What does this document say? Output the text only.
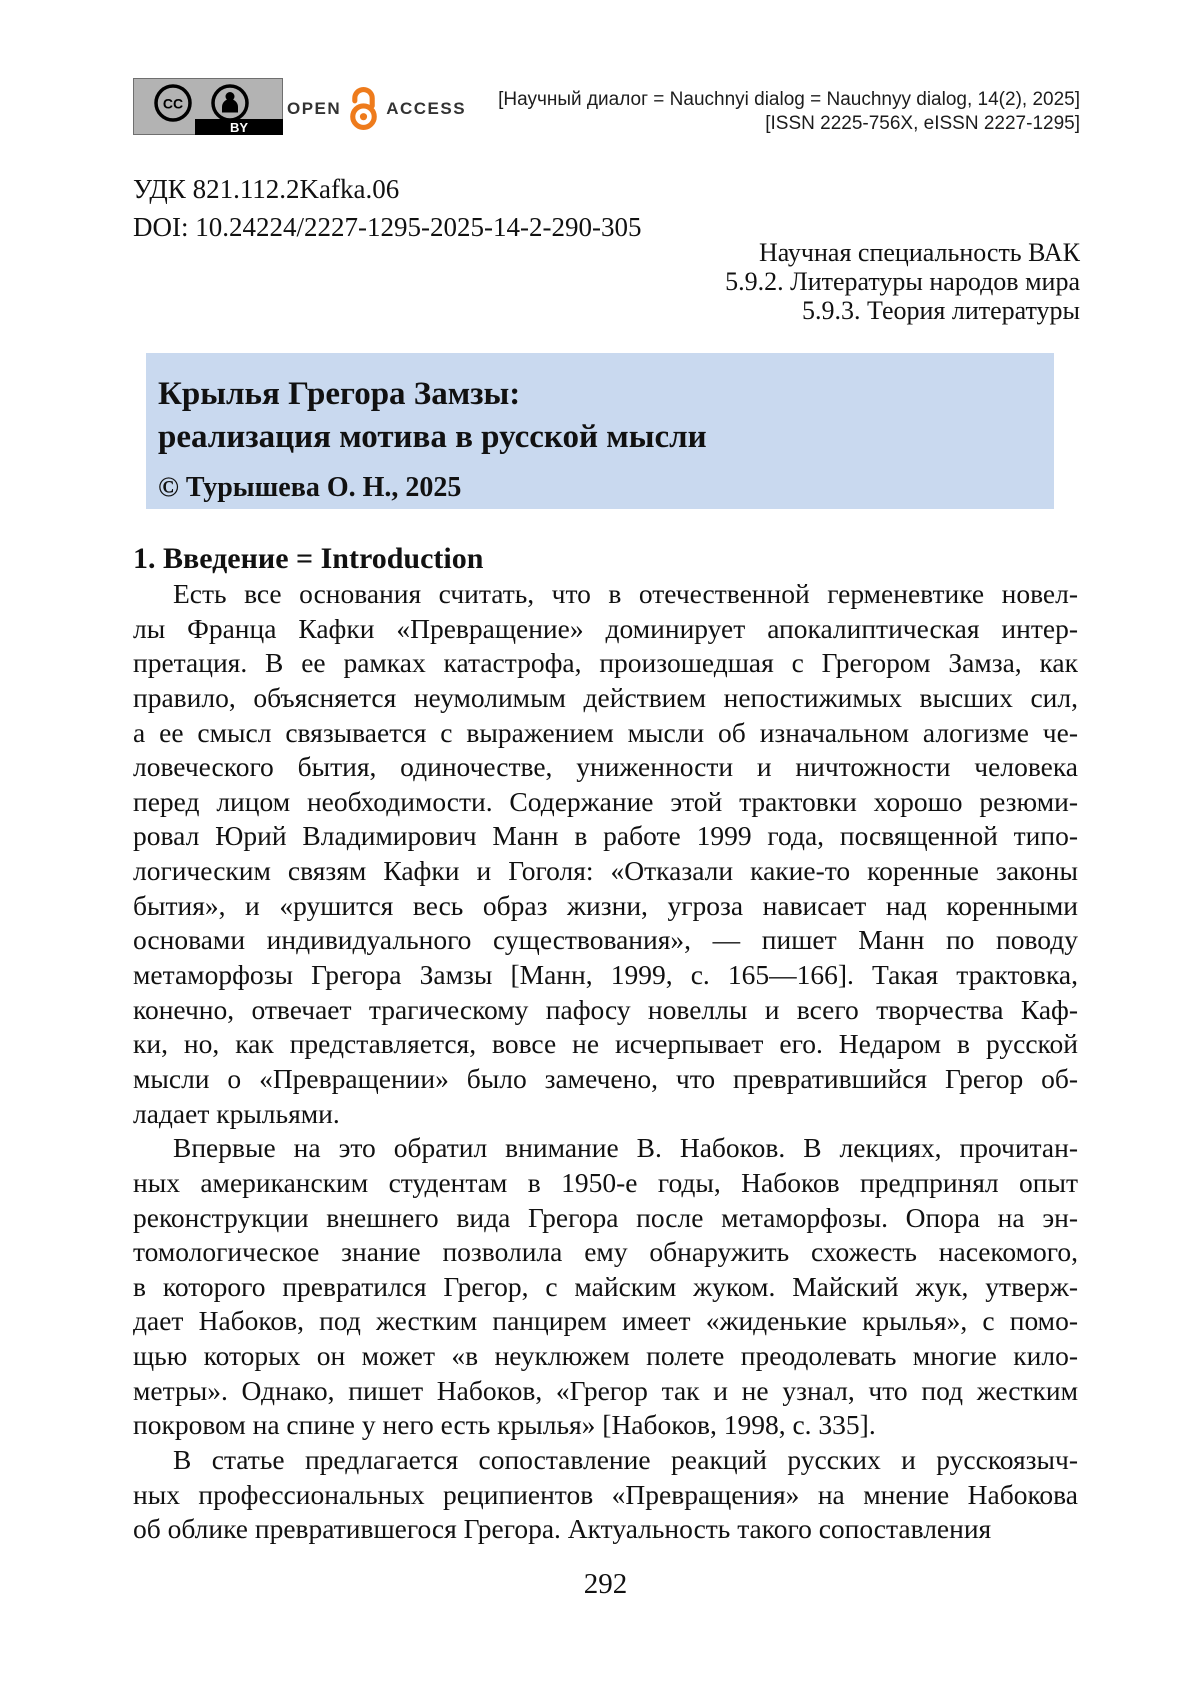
BY
CC	OPEN	ACCESS [Научный диалог = Nauchnyi dialog = Nauchnyy dialog, 14(2), 2025]
[ISSN 2225-756X, eISSN 2227-1295]
УДК 821.112.2Kafka.06
DOI: 10.24224/2227-1295-2025-14-2-290-305
Научная специальность ВАК
5.9.2. Литературы народов мира
5.9.3. Теория литературы
Крылья Грегора Замзы:
реализация мотива в русской мысли
© Турышева О. Н., 2025
1. Введение = Introduction
Есть все основания считать, что в отечественной герменевтике новел-
лы Франца Кафки «Превращение» доминирует апокалиптическая интер-
претация. В ее рамках катастрофа, произошедшая с Грегором Замза, как
правило, объясняется неумолимым действием непостижимых высших сил,
а ее смысл связывается с выражением мысли об изначальном алогизме че-
ловеческого бытия, одиночестве, униженности и ничтожности человека
перед лицом необходимости. Содержание этой трактовки хорошо резюми-
ровал Юрий Владимирович Манн в работе 1999 года, посвященной типо-
логическим связям Кафки и Гоголя: «Отказали какие-то коренные законы
бытия», и «рушится весь образ жизни, угроза нависает над коренными
основами индивидуального существования», — пишет Манн по поводу
метаморфозы Грегора Замзы [Манн, 1999, с. 165—166]. Такая трактовка,
конечно, отвечает трагическому пафосу новеллы и всего творчества Каф-
ки, но, как представляется, вовсе не исчерпывает его. Недаром в русской
мысли о «Превращении» было замечено, что превратившийся Грегор об-
ладает крыльями.
Впервые на это обратил внимание В. Набоков. В лекциях, прочитан-
ных американским студентам в 1950-е годы, Набоков предпринял опыт
реконструкции внешнего вида Грегора после метаморфозы. Опора на эн-
томологическое знание позволила ему обнаружить схожесть насекомого,
в которого превратился Грегор, с майским жуком. Майский жук, утверж-
дает Набоков, под жестким панцирем имеет «жиденькие крылья», с помо-
щью которых он может «в неуклюжем полете преодолевать многие кило-
метры». Однако, пишет Набоков, «Грегор так и не узнал, что под жестким
покровом на спине у него есть крылья» [Набоков, 1998, с. 335].
В статье предлагается сопоставление реакций русских и русскоязыч-
ных профессиональных реципиентов «Превращения» на мнение Набокова
об облике превратившегося Грегора. Актуальность такого сопоставления
292
